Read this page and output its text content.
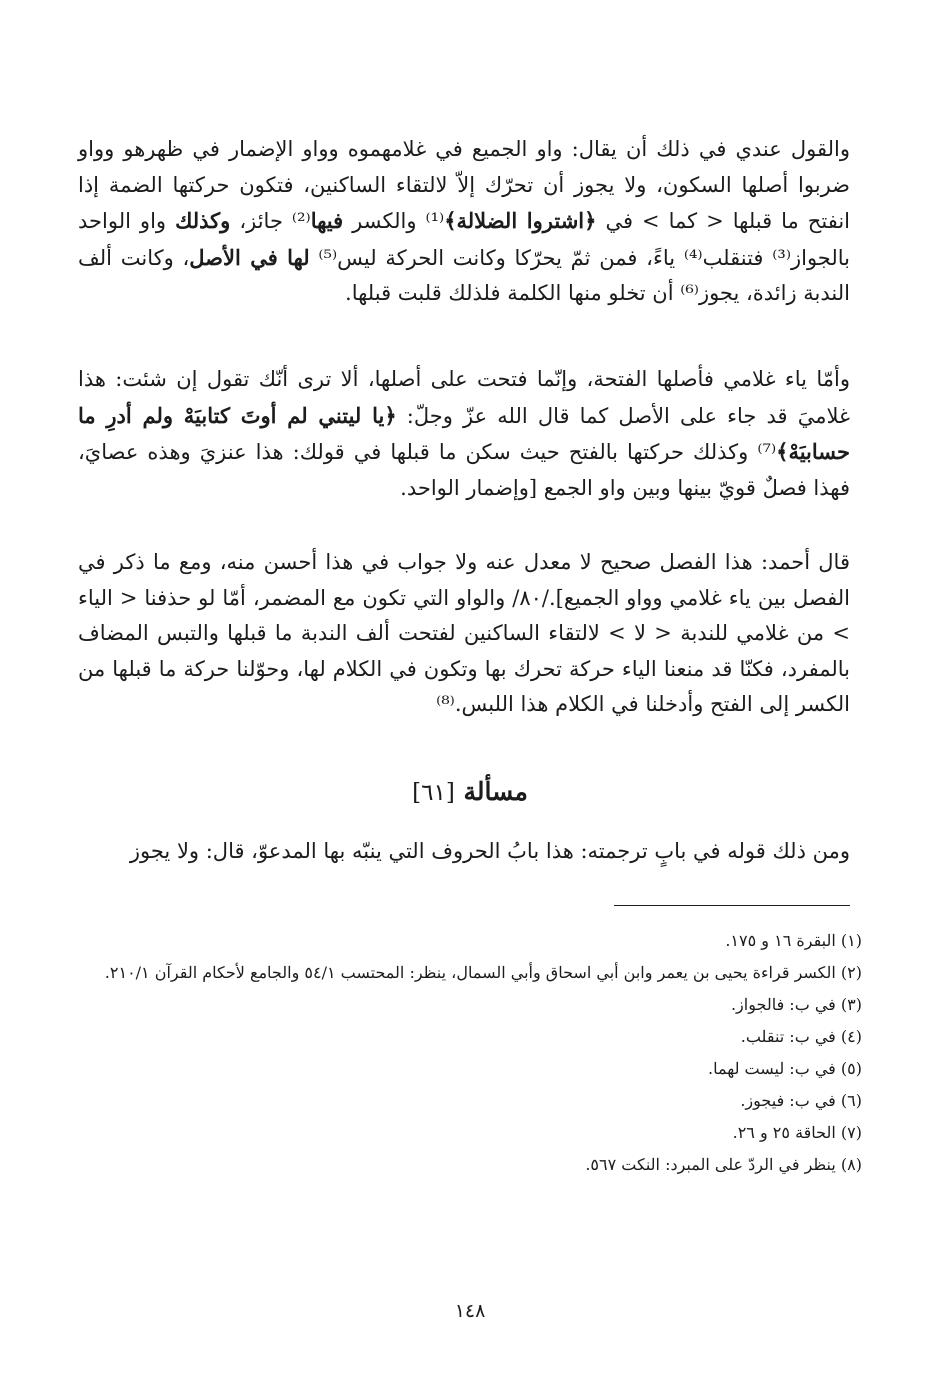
والقول عندي في ذلك أن يقال: واو الجميع في غلامهموه وواو الإضمار في ظهرهو وواو ضربوا أصلها السكون، ولا يجوز أن تحرّك إلاّ لالتقاء الساكنين، فتكون حركتها الضمة إذا انفتح ما قبلها < كما > في ﴿اشتروا الضلالة﴾⁽¹⁾ والكسر فيها⁽²⁾ جائز، وكذلك واو الواحد بالجواز⁽³⁾ فتنقلب⁽⁴⁾ ياءً، فمن ثمّ يحرّكا وكانت الحركة ليس⁽⁵⁾ لها في الأصل، وكانت ألف الندبة زائدة، يجوز⁽⁶⁾ أن تخلو منها الكلمة فلذلك قلبت قبلها.

وأمّا ياء غلامي فأصلها الفتحة، وإنّما فتحت على أصلها، ألا ترى أنّك تقول إن شئت: هذا غلاميَ قد جاء على الأصل كما قال الله عزّ وجلّ: ﴿يا ليتني لم أوتَ كتابيَهْ ولم أدرِ ما حسابيَهْ﴾⁽⁷⁾ وكذلك حركتها بالفتح حيث سكن ما قبلها في قولك: هذا عنزيَ وهذه عصايَ، فهذا فصلٌ قويّ بينها وبين واو الجمع [وإضمار الواحد.

قال أحمد: هذا الفصل صحيح لا معدل عنه ولا جواب في هذا أحسن منه، ومع ما ذكر في الفصل بين ياء غلامي وواو الجميع]./٨٠/ والواو التي تكون مع المضمر، أمّا لو حذفنا < الياء > من غلامي للندبة < لا > لالتقاء الساكنين لفتحت ألف الندبة ما قبلها والتبس المضاف بالمفرد، فكنّا قد منعنا الياء حركة تحرك بها وتكون في الكلام لها، وحوّلنا حركة ما قبلها من الكسر إلى الفتح وأدخلنا في الكلام هذا اللبس.⁽⁸⁾

مسألة [٦١]

ومن ذلك قوله في بابٍ ترجمته: هذا بابُ الحروف التي ينبّه بها المدعوّ، قال: ولا يجوز

(١) البقرة ١٦ و ١٧٥.
(٢) الكسر قراءة يحيى بن يعمر وابن أبي اسحاق وأبي السمال، ينظر: المحتسب ٥٤/١ والجامع لأحكام القرآن ٢١٠/١.
(٣) في ب: فالجواز.
(٤) في ب: تنقلب.
(٥) في ب: ليست لهما.
(٦) في ب: فيجوز.
(٧) الحاقة ٢٥ و ٢٦.
(٨) ينظر في الردّ على المبرد: النكت ٥٦٧.
١٤٨
